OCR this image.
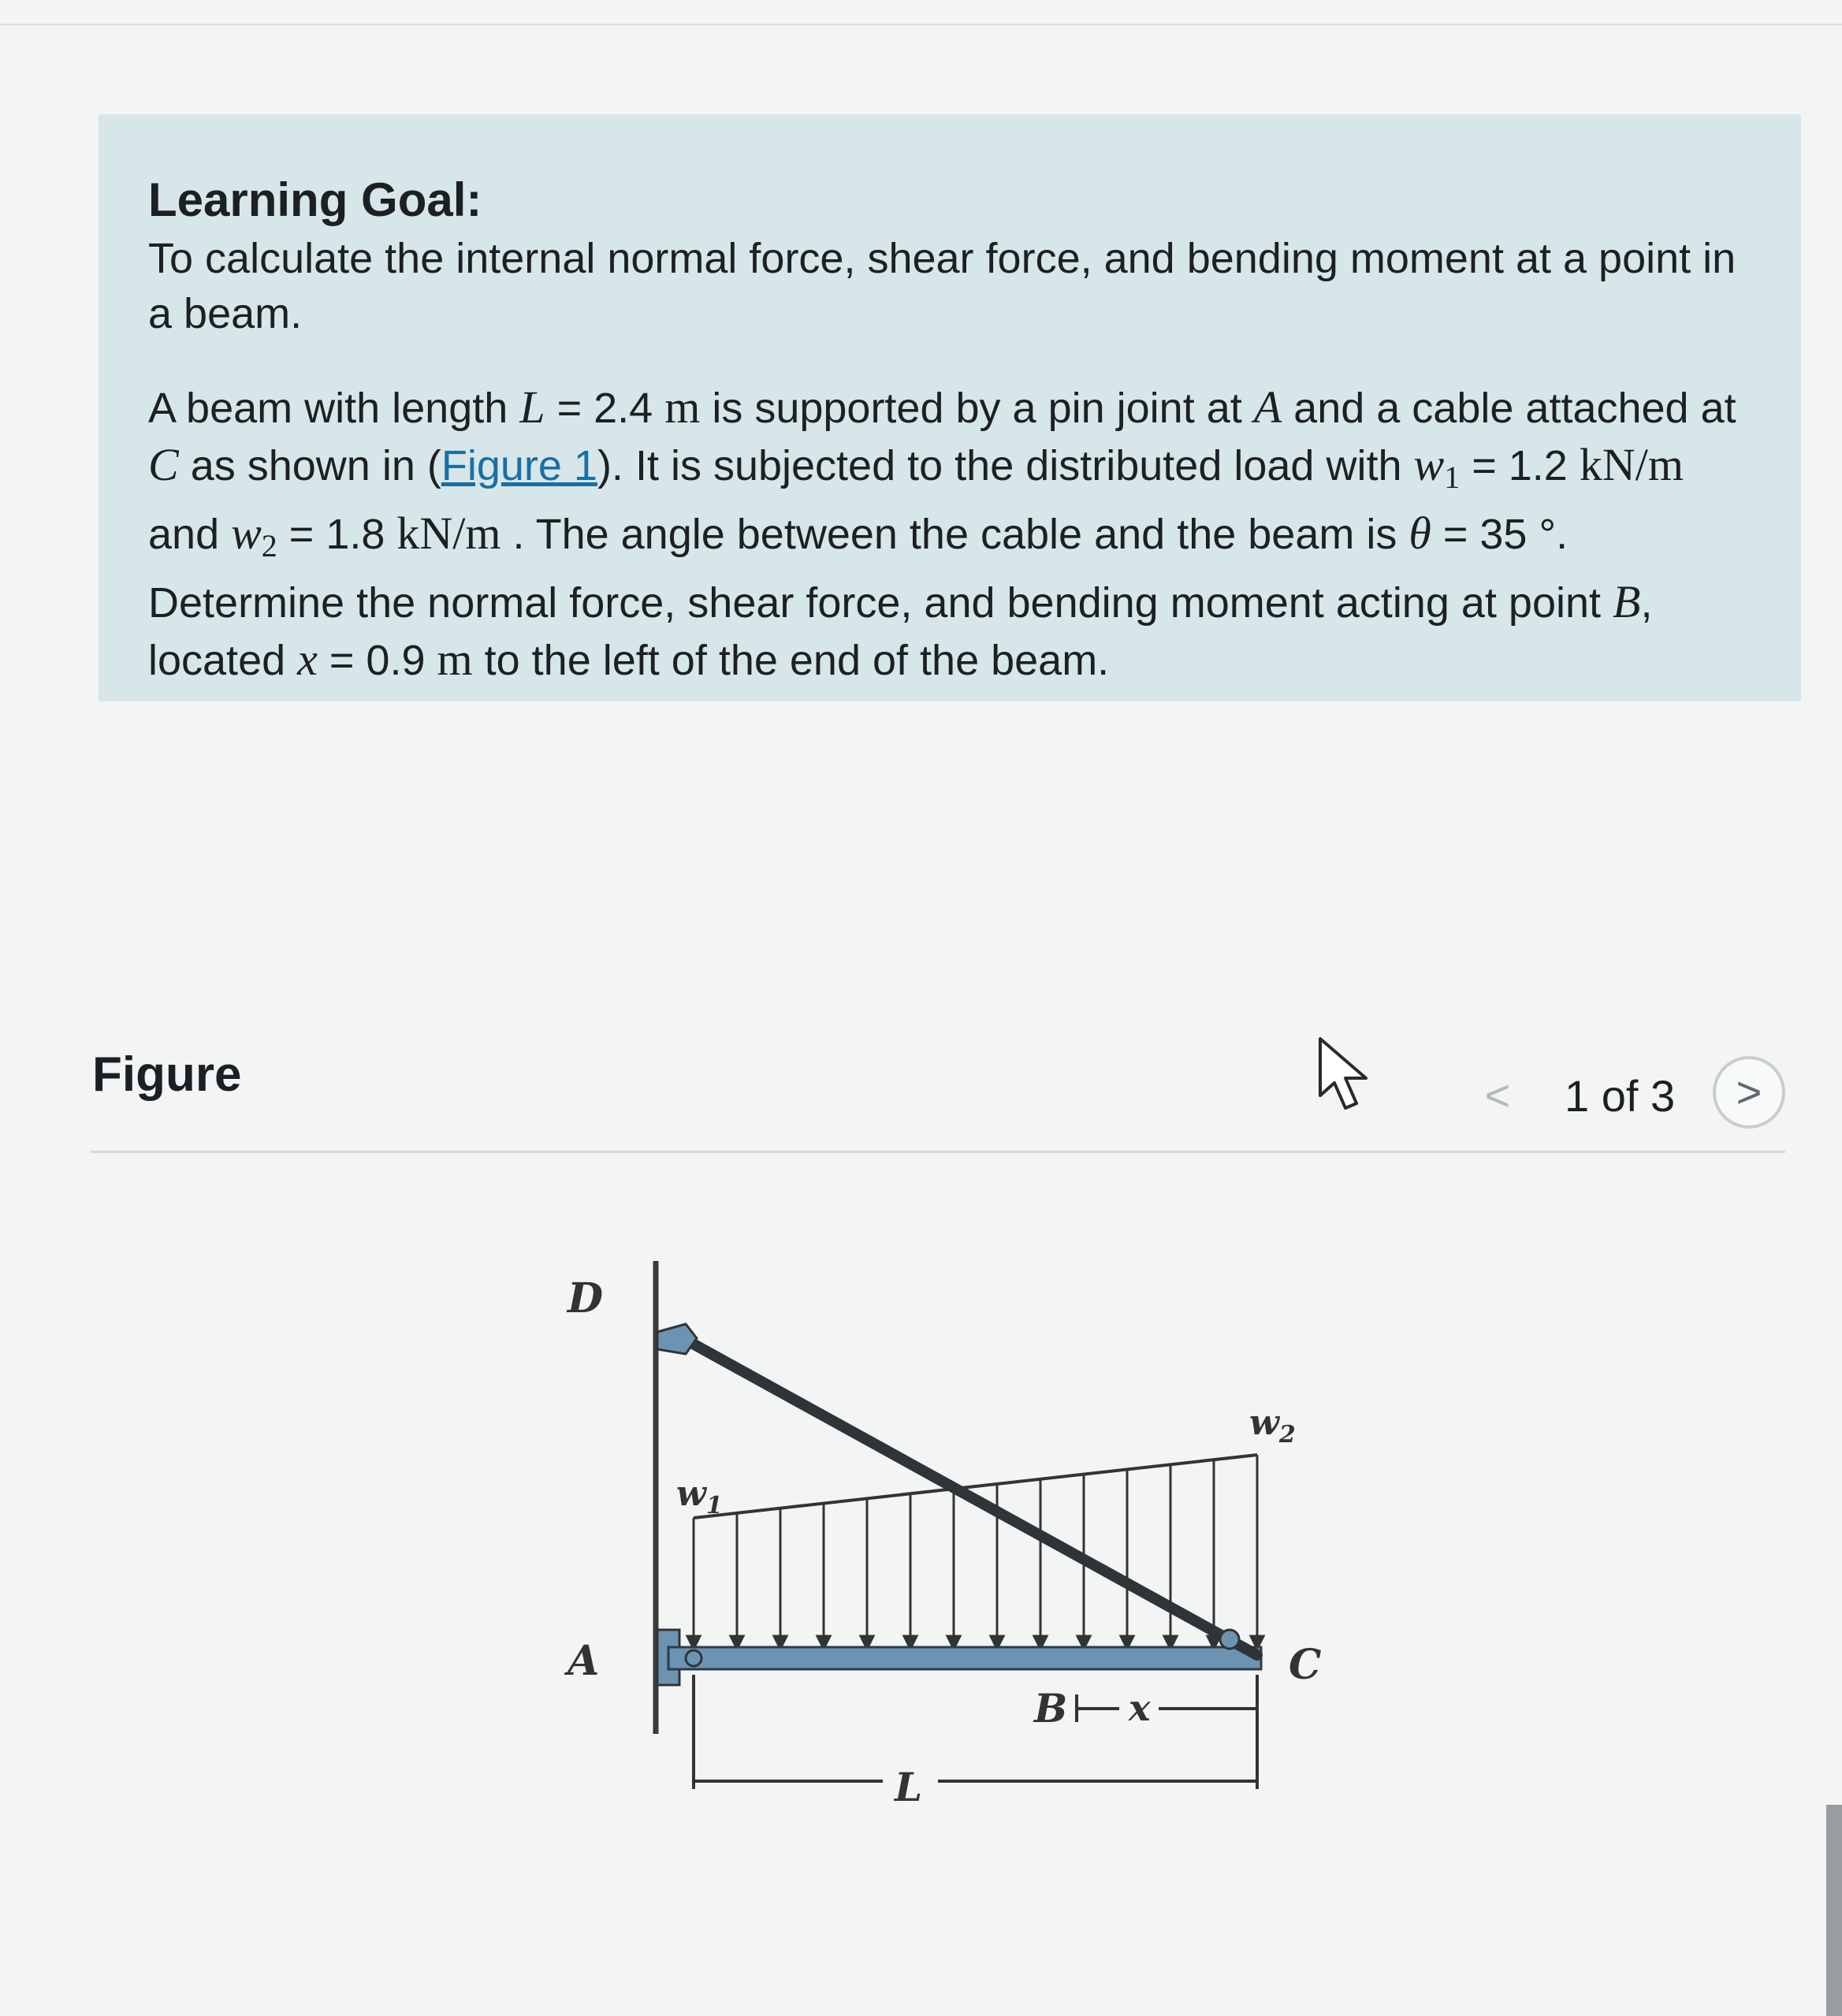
Learning Goal:

To calculate the internal normal force, shear force, and bending moment at a point in a beam.

A beam with length L = 2.4 m is supported by a pin joint at A and a cable attached at C as shown in (Figure 1). It is subjected to the distributed load with $w_1 = 1.2$ kN/m and $w_2 = 1.8$ kN/m . The angle between the cable and the beam is θ = 35 °. Determine the normal force, shear force, and bending moment acting at point B, located x = 0.9 m to the left of the end of the beam.

Figure	<	1 of 3	>
D
A	C
B x
L
$w_1$
$w_2$
